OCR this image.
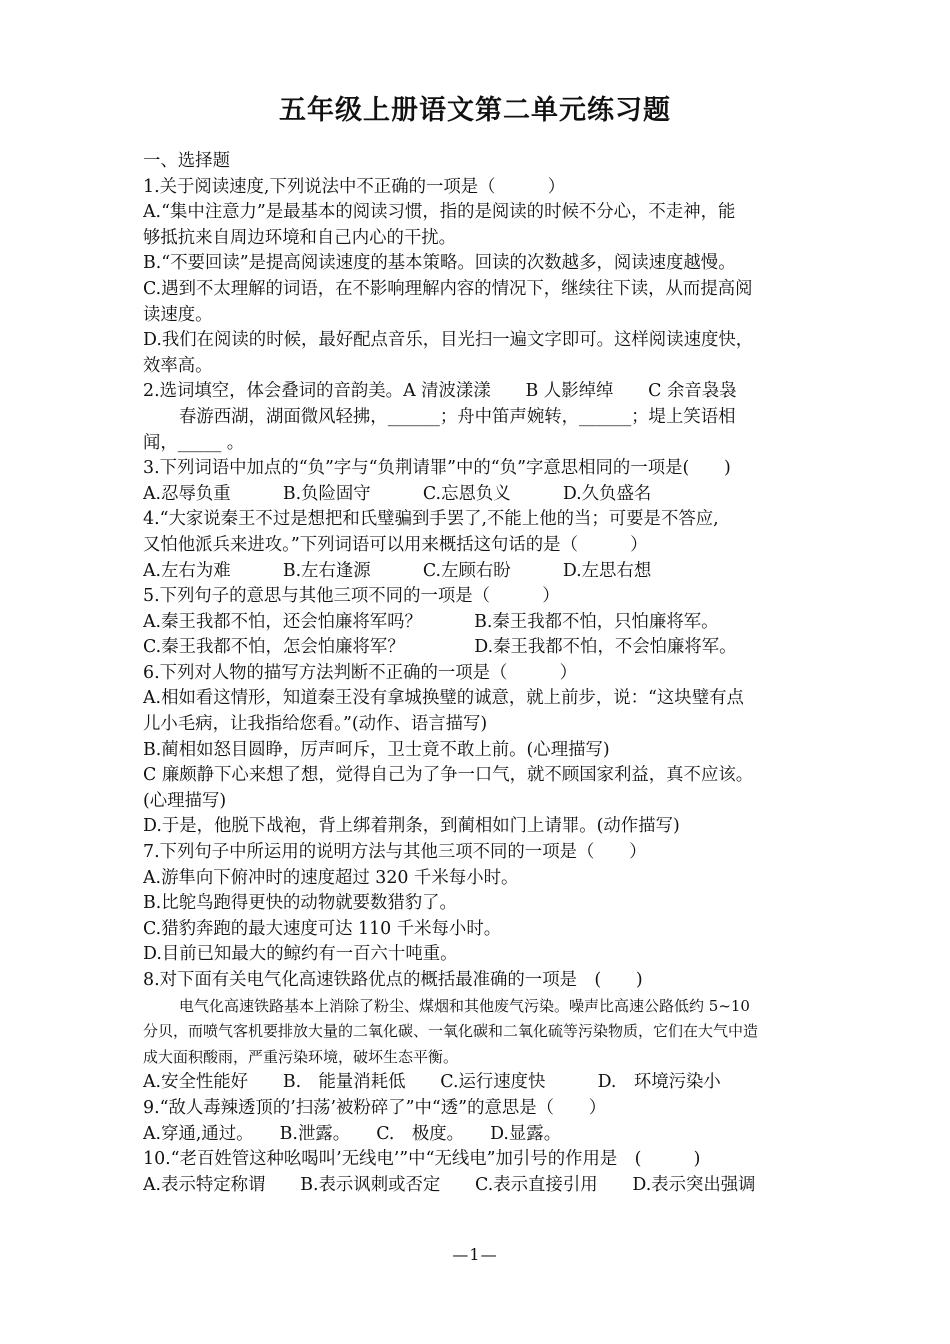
五年级上册语文第二单元练习题
一、选择题
1.关于阅读速度,下列说法中不正确的一项是（　　　）
A.“集中注意力”是最基本的阅读习惯，指的是阅读的时候不分心，不走神，能
够抵抗来自周边环境和自己内心的干扰。
B.“不要回读”是提高阅读速度的基本策略。回读的次数越多，阅读速度越慢。
C.遇到不太理解的词语，在不影响理解内容的情况下，继续往下读，从而提高阅
读速度。
D.我们在阅读的时候，最好配点音乐，目光扫一遍文字即可。这样阅读速度快，
效率高。
2.选词填空，体会叠词的音韵美。A 清波漾漾　　B 人影绰绰　　C 余音袅袅
春游西湖，湖面微风轻拂，______；舟中笛声婉转，______；堤上笑语相
闻，_____ 。
3.下列词语中加点的“负”字与“负荆请罪”中的“负”字意思相同的一项是(　　)
A.忍辱负重　　　B.负险固守　　　C.忘恩负义　　　D.久负盛名
4.“大家说秦王不过是想把和氏璧骗到手罢了,不能上他的当；可要是不答应,
又怕他派兵来进攻。”下列词语可以用来概括这句话的是（　　　）
A.左右为难　　　B.左右逢源　　　C.左顾右盼　　　D.左思右想
5.下列句子的意思与其他三项不同的一项是（　　　）
A.秦王我都不怕，还会怕廉将军吗？　　　B.秦王我都不怕，只怕廉将军。
C.秦王我都不怕，怎会怕廉将军？　　　　D.秦王我都不怕，不会怕廉将军。
6.下列对人物的描写方法判断不正确的一项是（　　　）
A.相如看这情形，知道秦王没有拿城换璧的诚意，就上前步，说：“这块璧有点
儿小毛病，让我指给您看。”(动作、语言描写)
B.蔺相如怒目圆睁，厉声呵斥，卫士竟不敢上前。(心理描写)
C 廉颇静下心来想了想，觉得自己为了争一口气，就不顾国家利益，真不应该。
(心理描写)
D.于是，他脱下战袍，背上绑着荆条，到蔺相如门上请罪。(动作描写)
7.下列句子中所运用的说明方法与其他三项不同的一项是（　　）
A.游隼向下俯冲时的速度超过 320 千米每小时。
B.比鸵鸟跑得更快的动物就要数猎豹了。
C.猎豹奔跑的最大速度可达 110 千米每小时。
D.目前已知最大的鲸约有一百六十吨重。
8.对下面有关电气化高速铁路优点的概括最准确的一项是　(　　)
电气化高速铁路基本上消除了粉尘、煤烟和其他废气污染。噪声比高速公路低约 5~10
分贝，而喷气客机要排放大量的二氧化碳、一氧化碳和二氧化硫等污染物质，它们在大气中造
成大面积酸雨，严重污染环境，破坏生态平衡。
A.安全性能好　　B.　能量消耗低　　C.运行速度快　　　D.　环境污染小
9.“敌人毒辣透顶的’扫荡’被粉碎了”中“透”的意思是（　　）
A.穿通,通过。　　B.泄露。　　C.　极度。　　D.显露。
10.“老百姓管这种吆喝叫’无线电’”中“无线电”加引号的作用是　(　　　)
A.表示特定称谓　　B.表示讽刺或否定　　C.表示直接引用　　D.表示突出强调
—1—
